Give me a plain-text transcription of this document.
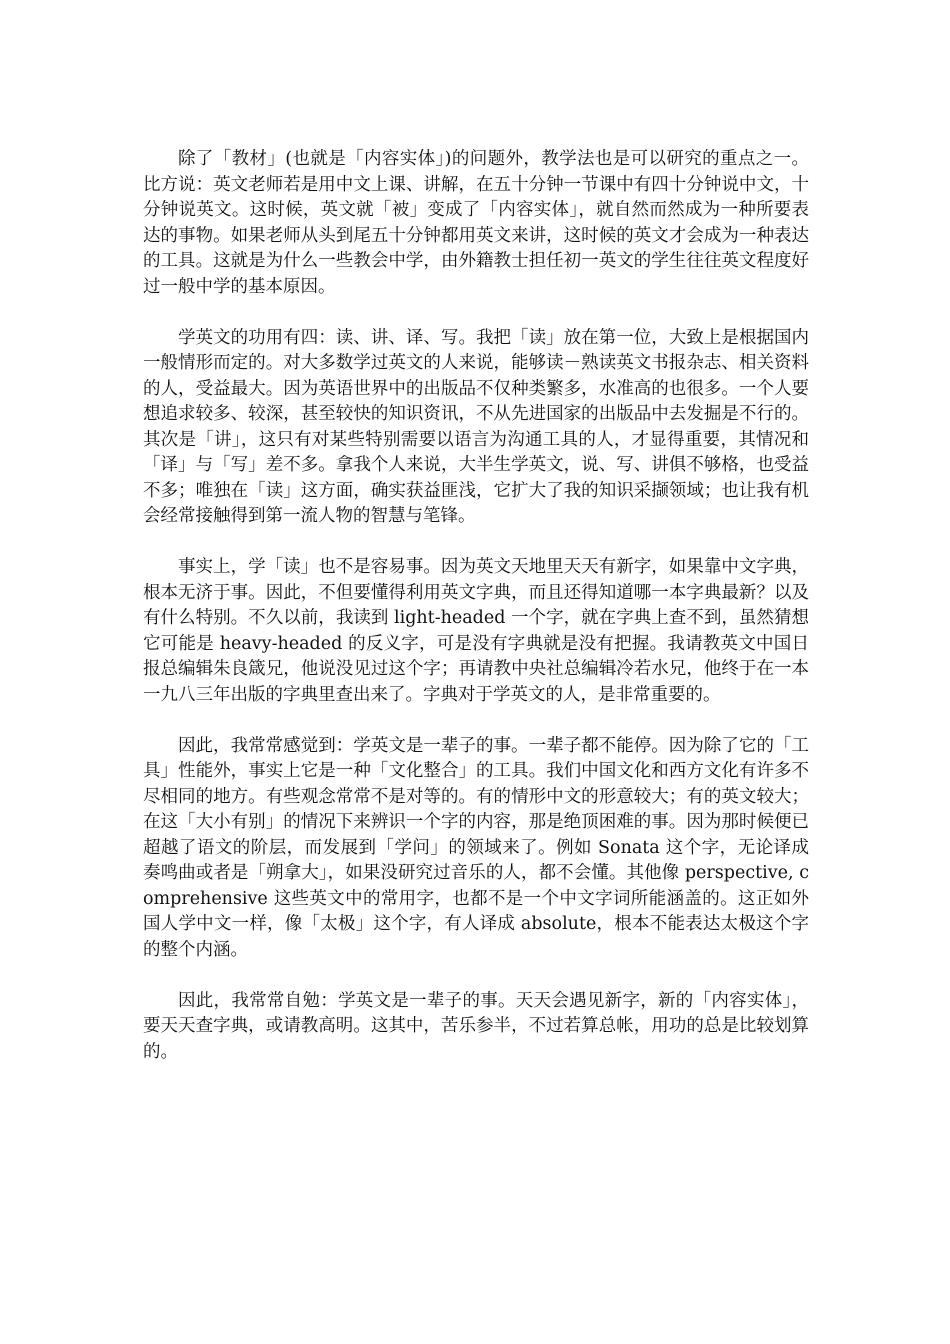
除了「教材」(也就是「内容实体」)的问题外，教学法也是可以研究的重点之一。比方说：英文老师若是用中文上课、讲解，在五十分钟一节课中有四十分钟说中文，十分钟说英文。这时候，英文就「被」变成了「内容实体」，就自然而然成为一种所要表达的事物。如果老师从头到尾五十分钟都用英文来讲，这时候的英文才会成为一种表达的工具。这就是为什么一些教会中学，由外籍教士担任初一英文的学生往往英文程度好过一般中学的基本原因。

学英文的功用有四：读、讲、译、写。我把「读」放在第一位，大致上是根据国内一般情形而定的。对大多数学过英文的人来说，能够读－熟读英文书报杂志、相关资料的人，受益最大。因为英语世界中的出版品不仅种类繁多，水准高的也很多。一个人要想追求较多、较深，甚至较快的知识资讯，不从先进国家的出版品中去发掘是不行的。其次是「讲」，这只有对某些特别需要以语言为沟通工具的人，才显得重要，其情况和「译」与「写」差不多。拿我个人来说，大半生学英文，说、写、讲俱不够格，也受益不多；唯独在「读」这方面，确实获益匪浅，它扩大了我的知识采撷领域；也让我有机会经常接触得到第一流人物的智慧与笔锋。

事实上，学「读」也不是容易事。因为英文天地里天天有新字，如果靠中文字典，根本无济于事。因此，不但要懂得利用英文字典，而且还得知道哪一本字典最新？以及有什么特别。不久以前，我读到 light-headed 一个字，就在字典上查不到，虽然猜想它可能是 heavy-headed 的反义字，可是没有字典就是没有把握。我请教英文中国日报总编辑朱良箴兄，他说没见过这个字；再请教中央社总编辑冷若水兄，他终于在一本一九八三年出版的字典里查出来了。字典对于学英文的人，是非常重要的。

因此，我常常感觉到：学英文是一辈子的事。一辈子都不能停。因为除了它的「工具」性能外，事实上它是一种「文化整合」的工具。我们中国文化和西方文化有许多不尽相同的地方。有些观念常常不是对等的。有的情形中文的形意较大；有的英文较大；在这「大小有别」的情况下来辨识一个字的内容，那是绝顶困难的事。因为那时候便已超越了语文的阶层，而发展到「学问」的领域来了。例如 Sonata 这个字，无论译成奏鸣曲或者是「朔拿大」，如果没研究过音乐的人，都不会懂。其他像 perspective, comprehensive 这些英文中的常用字，也都不是一个中文字词所能涵盖的。这正如外国人学中文一样，像「太极」这个字，有人译成 absolute，根本不能表达太极这个字的整个内涵。

因此，我常常自勉：学英文是一辈子的事。天天会遇见新字，新的「内容实体」，要天天查字典，或请教高明。这其中，苦乐参半，不过若算总帐，用功的总是比较划算的。
